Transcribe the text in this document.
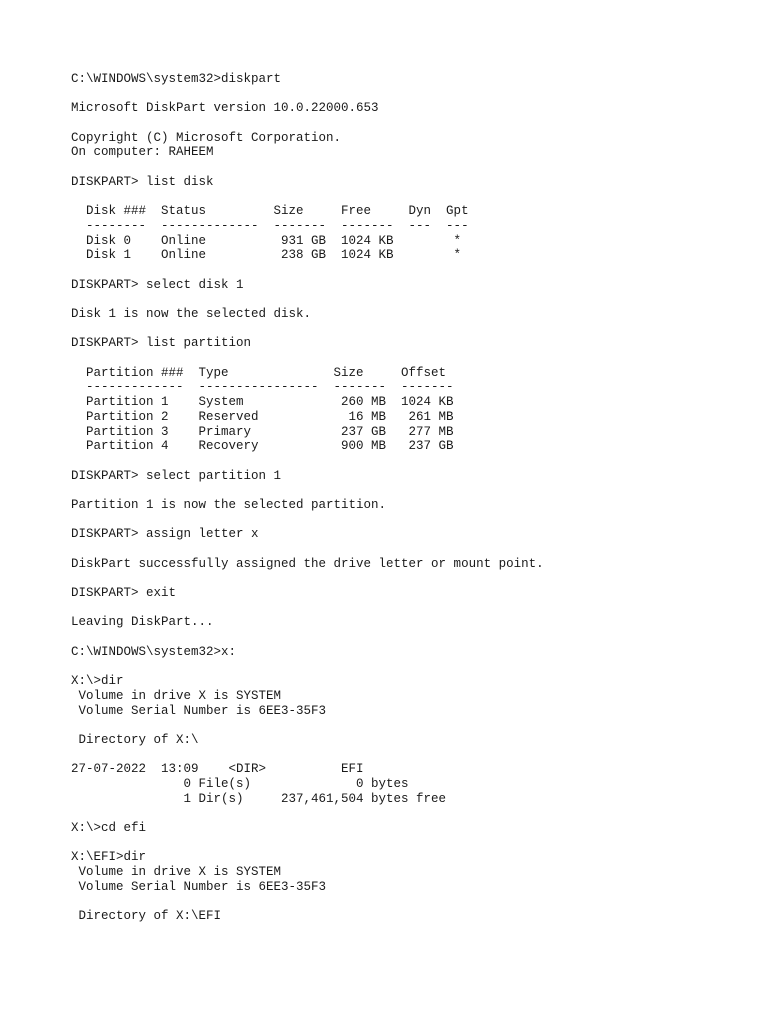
C:\WINDOWS\system32>diskpart
Microsoft DiskPart version 10.0.22000.653
Copyright (C) Microsoft Corporation.
On computer: RAHEEM
DISKPART> list disk
Disk ###  Status         Size     Free     Dyn  Gpt
--------  -------------  -------  -------  ---  ---
Disk 0    Online          931 GB  1024 KB        *
Disk 1    Online          238 GB  1024 KB        *
DISKPART> select disk 1
Disk 1 is now the selected disk.
DISKPART> list partition
Partition ###  Type              Size     Offset
-------------  ----------------  -------  -------
Partition 1    System             260 MB  1024 KB
Partition 2    Reserved            16 MB   261 MB
Partition 3    Primary            237 GB   277 MB
Partition 4    Recovery           900 MB   237 GB
DISKPART> select partition 1
Partition 1 is now the selected partition.
DISKPART> assign letter x
DiskPart successfully assigned the drive letter or mount point.
DISKPART> exit
Leaving DiskPart...
C:\WINDOWS\system32>x:
X:\>dir
Volume in drive X is SYSTEM
Volume Serial Number is 6EE3-35F3
Directory of X:\
27-07-2022  13:09    <DIR>          EFI
0 File(s)              0 bytes
1 Dir(s)     237,461,504 bytes free
X:\>cd efi
X:\EFI>dir
Volume in drive X is SYSTEM
Volume Serial Number is 6EE3-35F3
Directory of X:\EFI
